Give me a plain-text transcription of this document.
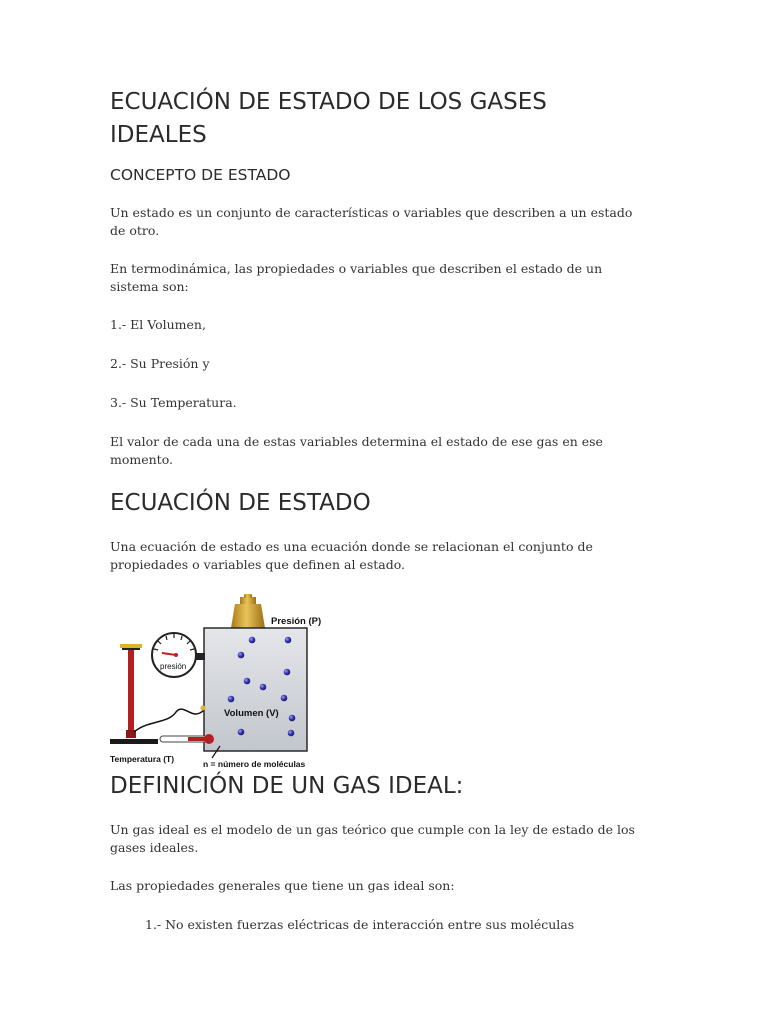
ECUACIÓN DE ESTADO DE LOS GASES
IDEALES
CONCEPTO DE ESTADO

Un estado es un conjunto de características o variables que describen a un estado
de otro.

En termodinámica, las propiedades o variables que describen el estado de un
sistema son:

1.- El Volumen,

2.- Su Presión y

3.- Su Temperatura.

El valor de cada una de estas variables determina el estado de ese gas en ese
momento.

ECUACIÓN DE ESTADO

Una ecuación de estado es una ecuación donde se relacionan el conjunto de
propiedades o variables que definen al estado.

DEFINICIÓN DE UN GAS IDEAL:

Un gas ideal es el modelo de un gas teórico que cumple con la ley de estado de los
gases ideales.

Las propiedades generales que tiene un gas ideal son:

1.- No existen fuerzas eléctricas de interacción entre sus moléculas

Presión (P)
presión
Volumen (V)
Temperatura (T)	n = número de moléculas
